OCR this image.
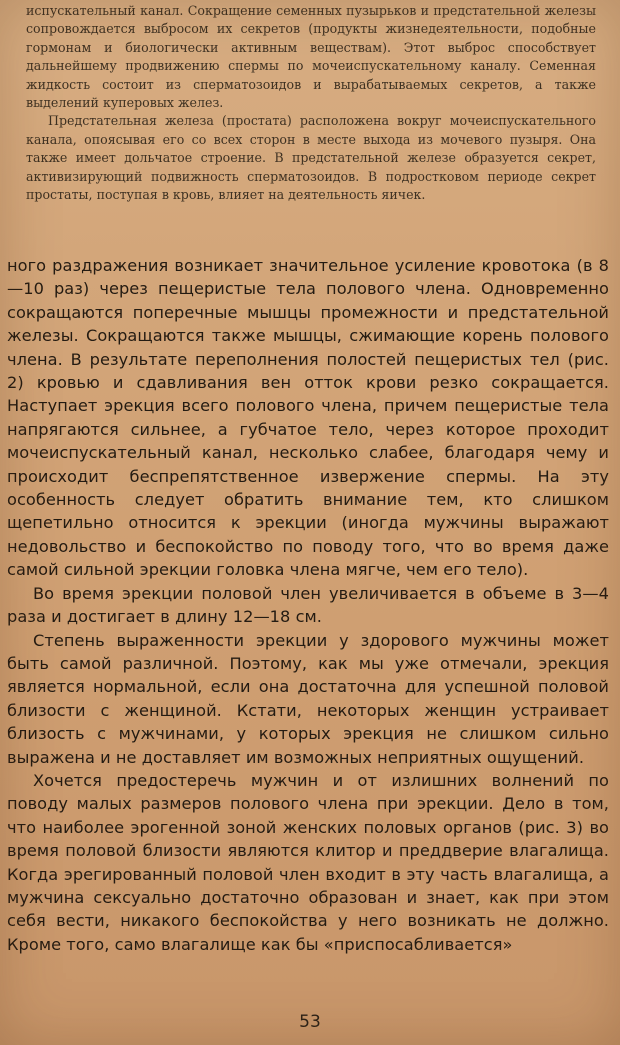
испускательный канал. Сокращение семенных пузырьков и предстательной железы сопровождается выбросом их секретов (продукты жизнедеятельности, подобные гормонам и биологически активным веществам). Этот выброс способствует дальнейшему продвижению спермы по мочеиспускательному каналу. Семенная жидкость состоит из сперматозоидов и вырабатываемых секретов, а также выделений куперовых желез.

Предстательная железа (простата) расположена вокруг мочеиспускательного канала, опоясывая его со всех сторон в месте выхода из мочевого пузыря. Она также имеет дольчатое строение. В предстательной железе образуется секрет, активизирующий подвижность сперматозоидов. В подростковом периоде секрет простаты, поступая в кровь, влияет на деятельность яичек.

ного раздражения возникает значительное усиление кровотока (в 8—10 раз) через пещеристые тела полового члена. Одновременно сокращаются поперечные мышцы промежности и предстательной железы. Сокращаются также мышцы, сжимающие корень полового члена. В результате переполнения полостей пещеристых тел (рис. 2) кровью и сдавливания вен отток крови резко сокращается. Наступает эрекция всего полового члена, причем пещеристые тела напрягаются сильнее, а губчатое тело, через которое проходит мочеиспускательный канал, несколько слабее, благодаря чему и происходит беспрепятственное извержение спермы. На эту особенность следует обратить внимание тем, кто слишком щепетильно относится к эрекции (иногда мужчины выражают недовольство и беспокойство по поводу того, что во время даже самой сильной эрекции головка члена мягче, чем его тело).

Во время эрекции половой член увеличивается в объеме в 3—4 раза и достигает в длину 12—18 см.

Степень выраженности эрекции у здорового мужчины может быть самой различной. Поэтому, как мы уже отмечали, эрекция является нормальной, если она достаточна для успешной половой близости с женщиной. Кстати, некоторых женщин устраивает близость с мужчинами, у которых эрекция не слишком сильно выражена и не доставляет им возможных неприятных ощущений.

Хочется предостеречь мужчин и от излишних волнений по поводу малых размеров полового члена при эрекции. Дело в том, что наиболее эрогенной зоной женских половых органов (рис. 3) во время половой близости являются клитор и преддверие влагалища. Когда эрегированный половой член входит в эту часть влагалища, а мужчина сексуально достаточно образован и знает, как при этом себя вести, никакого беспокойства у него возникать не должно. Кроме того, само влагалище как бы «приспосабливается»

53
